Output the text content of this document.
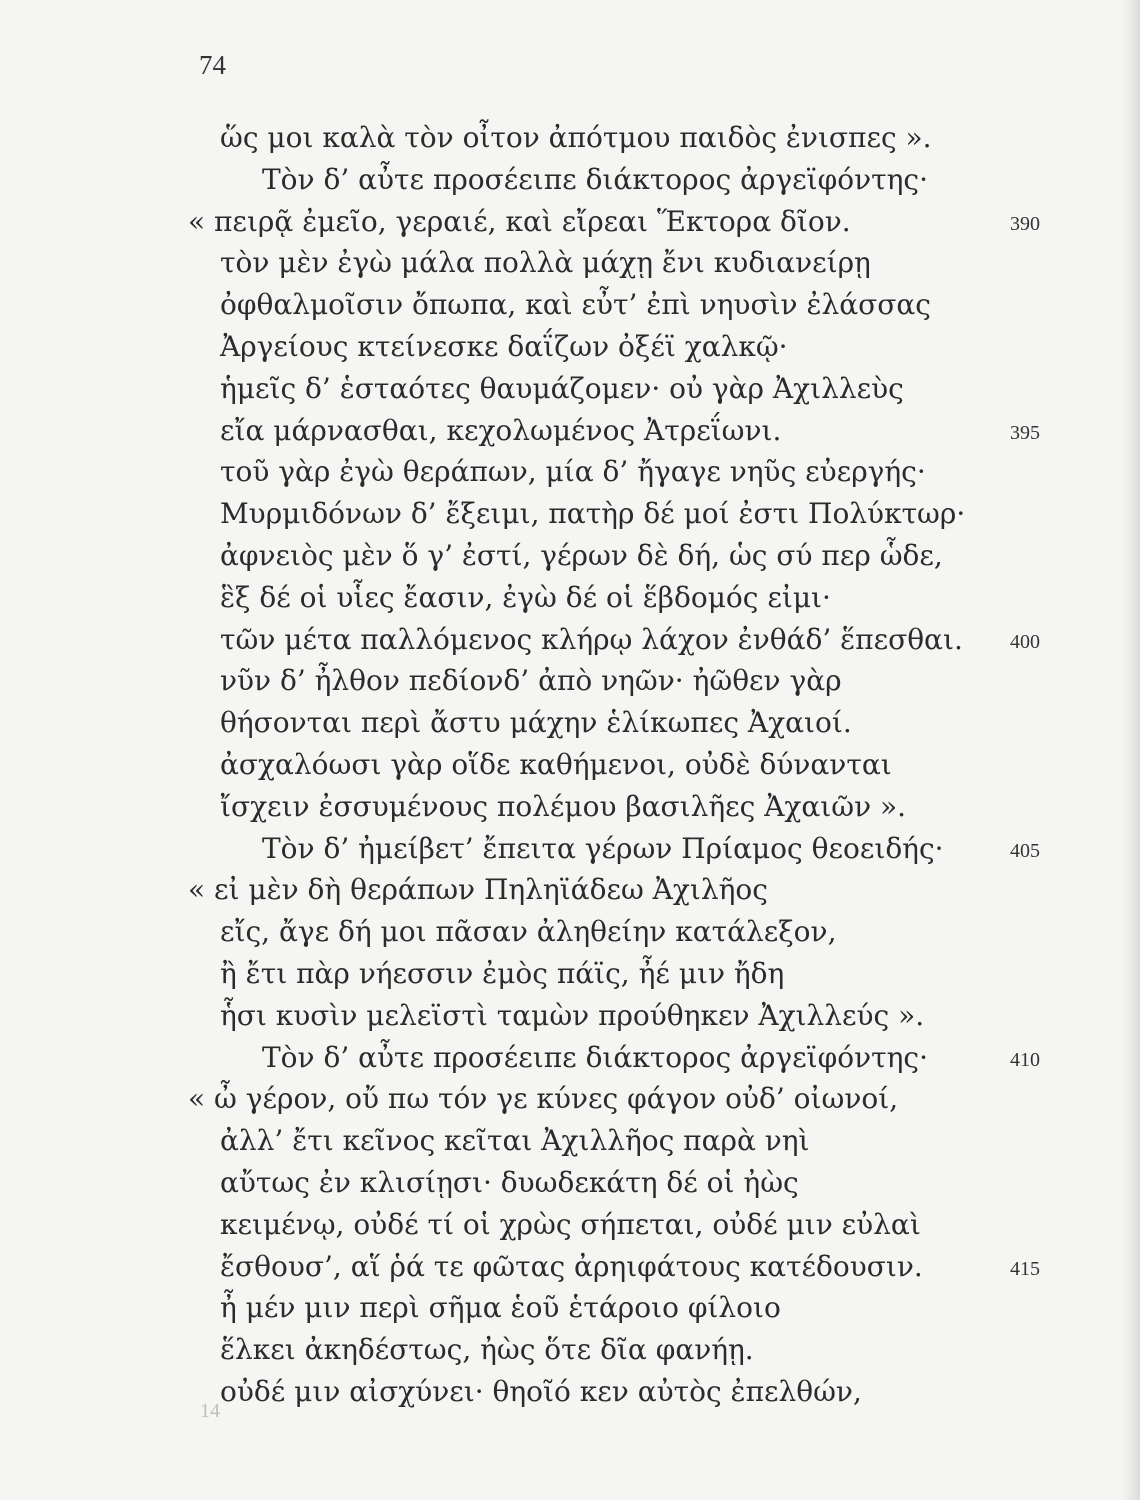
74
ὥς μοι καλὰ τὸν οἶτον ἀπότμου παιδὸς ἐνισπες ».
Τὸν δ’ αὖτε προσέειπε διάκτορος ἀργεϊφόντης·
« πειρᾷ ἐμεῖο, γεραιέ, καὶ εἴρεαι Ἕκτορα δῖον.	390
τὸν μὲν ἐγὼ μάλα πολλὰ μάχῃ ἔνι κυδιανείρῃ
ὀφθαλμοῖσιν ὄπωπα, καὶ εὖτ’ ἐπὶ νηυσὶν ἐλάσσας
Ἀργείους κτείνεσκε δαΐζων ὀξέϊ χαλκῷ·
ἡμεῖς δ’ ἑσταότες θαυμάζομεν· οὐ γὰρ Ἀχιλλεὺς
εἴα μάρνασθαι, κεχολωμένος Ἀτρεΐωνι.	395
τοῦ γὰρ ἐγὼ θεράπων, μία δ’ ἤγαγε νηῦς εὐεργής·
Μυρμιδόνων δ’ ἔξειμι, πατὴρ δέ μοί ἐστι Πολύκτωρ·
ἀφνειὸς μὲν ὅ γ’ ἐστί, γέρων δὲ δή, ὡς σύ περ ὧδε,
ἓξ δέ οἱ υἷες ἔασιν, ἐγὼ δέ οἱ ἕβδομός εἰμι·
τῶν μέτα παλλόμενος κλήρῳ λάχον ἐνθάδ’ ἕπεσθαι. 400
νῦν δ’ ἦλθον πεδίονδ’ ἀπὸ νηῶν· ἠῶθεν γὰρ
θήσονται περὶ ἄστυ μάχην ἑλίκωπες Ἀχαιοί.
ἀσχαλόωσι γὰρ οἵδε καθήμενοι, οὐδὲ δύνανται
ἴσχειν ἐσσυμένους πολέμου βασιλῆες Ἀχαιῶν ».
Τὸν δ’ ἠμείβετ’ ἔπειτα γέρων Πρίαμος θεοειδής·	405
« εἰ μὲν δὴ θεράπων Πηληϊάδεω Ἀχιλῆος
εἴς, ἄγε δή μοι πᾶσαν ἀληθείην κατάλεξον,
ἢ ἔτι πὰρ νήεσσιν ἐμὸς πάϊς, ἦέ μιν ἤδη
ἧσι κυσὶν μελεϊστὶ ταμὼν προύθηκεν Ἀχιλλεύς ».
Τὸν δ’ αὖτε προσέειπε διάκτορος ἀργεϊφόντης·	410
« ὦ γέρον, οὔ πω τόν γε κύνες φάγον οὐδ’ οἰωνοί,
ἀλλ’ ἔτι κεῖνος κεῖται Ἀχιλλῆος παρὰ νηὶ
αὔτως ἐν κλισίῃσι· δυωδεκάτη δέ οἱ ἠὼς
κειμένῳ, οὐδέ τί οἱ χρὼς σήπεται, οὐδέ μιν εὐλαὶ
ἔσθουσ’, αἵ ῥά τε φῶτας ἀρηιφάτους κατέδουσιν.	415
ἦ μέν μιν περὶ σῆμα ἑοῦ ἑτάροιο φίλοιο
ἕλκει ἀκηδέστως, ἠὼς ὅτε δῖα φανήῃ.
οὐδέ μιν αἰσχύνει· θηοῖό κεν αὐτὸς ἐπελθών,
14
